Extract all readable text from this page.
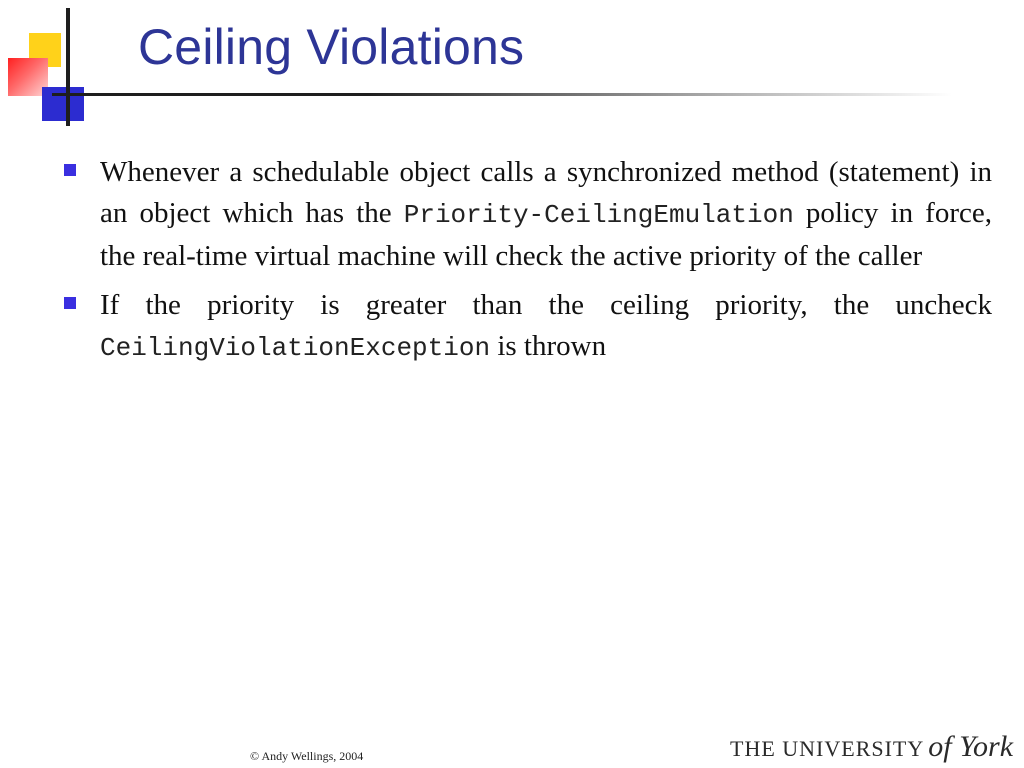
Ceiling Violations
Whenever a schedulable object calls a synchronized method (statement) in an object which has the Priority-CeilingEmulation policy in force, the real-time virtual machine will check the active priority of the caller
If the priority is greater than the ceiling priority, the uncheck CeilingViolationException is thrown
© Andy Wellings, 2004	THE UNIVERSITY of York
